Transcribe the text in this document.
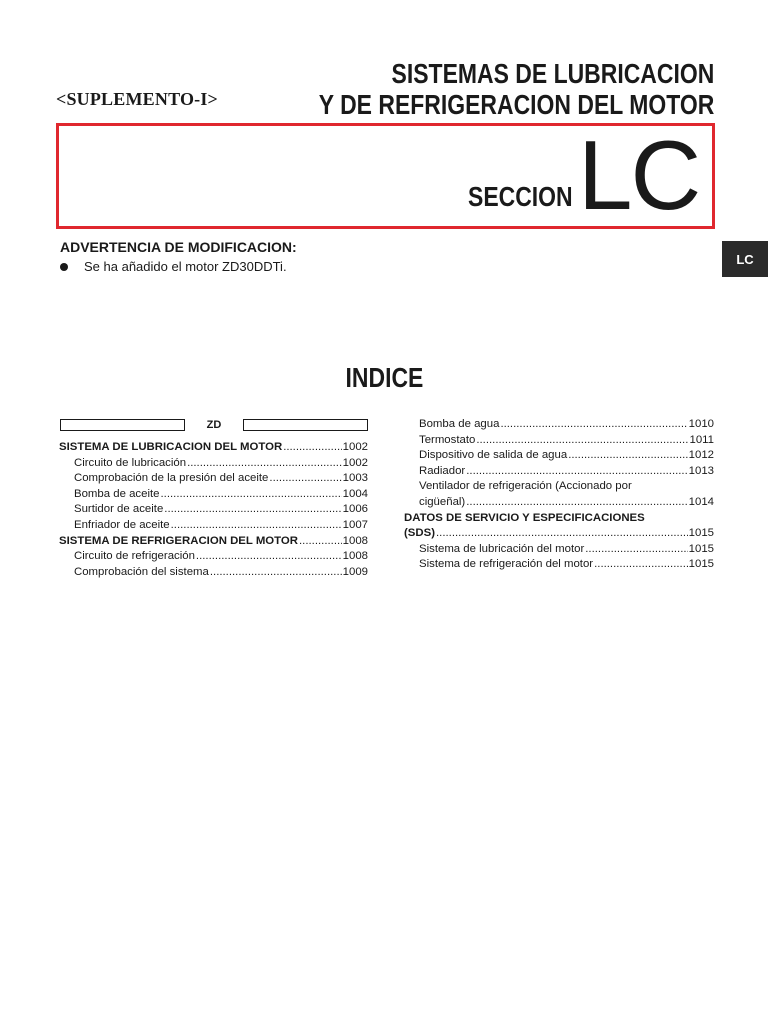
<SUPLEMENTO-I>
SISTEMAS DE LUBRICACION
Y DE REFRIGERACION DEL MOTOR
SECCION LC
LC
ADVERTENCIA DE MODIFICACION:
Se ha añadido el motor ZD30DDTi.
INDICE
ZD
SISTEMA DE LUBRICACION DEL MOTOR .....	1002
Circuito de lubricación .....	1002
Comprobación de la presión del aceite .....	1003
Bomba de aceite .....	1004
Surtidor de aceite .....	1006
Enfriador de aceite .....	1007
SISTEMA DE REFRIGERACION DEL MOTOR .....	1008
Circuito de refrigeración .....	1008
Comprobación del sistema .....	1009
Bomba de agua .....	1010
Termostato .....	1011
Dispositivo de salida de agua .....	1012
Radiador .....	1013
Ventilador de refrigeración (Accionado por
cigüeñal) .....	1014
DATOS DE SERVICIO Y ESPECIFICACIONES
(SDS) .....	1015
Sistema de lubricación del motor .....	1015
Sistema de refrigeración del motor .....	1015
